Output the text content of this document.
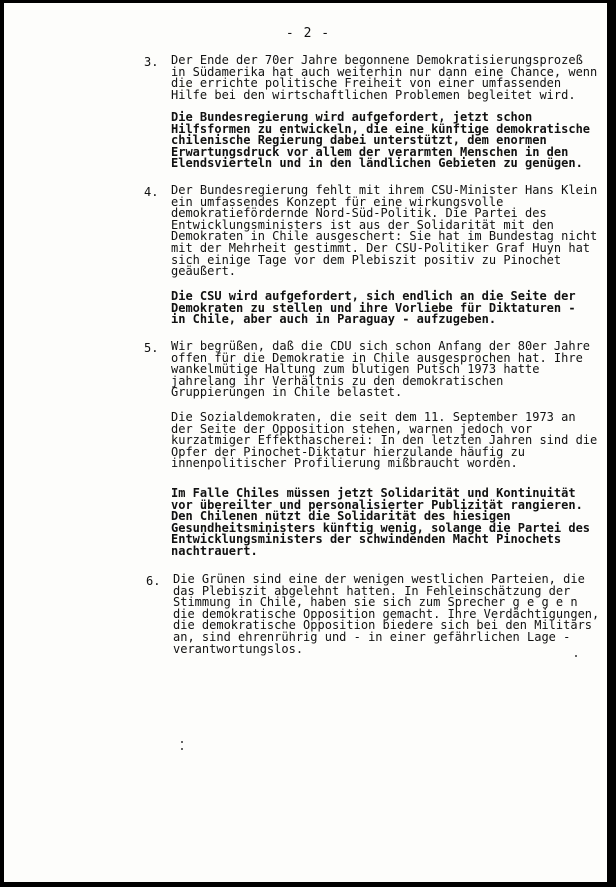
- 2 -
3. Der Ende der 70er Jahre begonnene Demokratisierungsprozeß
in Südamerika hat auch weiterhin nur dann eine Chance, wenn
die errichte politische Freiheit von einer umfassenden
Hilfe bei den wirtschaftlichen Problemen begleitet wird.
Die Bundesregierung wird aufgefordert, jetzt schon
Hilfsformen zu entwickeln, die eine künftige demokratische
chilenische Regierung dabei unterstützt, dem enormen
Erwartungsdruck vor allem der verarmten Menschen in den
Elendsvierteln und in den ländlichen Gebieten zu genügen.
4. Der Bundesregierung fehlt mit ihrem CSU-Minister Hans Klein
ein umfassendes Konzept für eine wirkungsvolle
demokratiefördernde Nord-Süd-Politik. Die Partei des
Entwicklungsministers ist aus der Solidarität mit den
Demokraten in Chile ausgeschert: Sie hat im Bundestag nicht
mit der Mehrheit gestimmt. Der CSU-Politiker Graf Huyn hat
sich einige Tage vor dem Plebiszit positiv zu Pinochet
geäußert.
Die CSU wird aufgefordert, sich endlich an die Seite der
Demokraten zu stellen und ihre Vorliebe für Diktaturen -
in Chile, aber auch in Paraguay - aufzugeben.
5. Wir begrüßen, daß die CDU sich schon Anfang der 80er Jahre
offen für die Demokratie in Chile ausgesprochen hat. Ihre
wankelmütige Haltung zum blutigen Putsch 1973 hatte
jahrelang ihr Verhältnis zu den demokratischen
Gruppierungen in Chile belastet.
Die Sozialdemokraten, die seit dem 11. September 1973 an
der Seite der Opposition stehen, warnen jedoch vor
kurzatmiger Effekthascherei: In den letzten Jahren sind die
Opfer der Pinochet-Diktatur hierzulande häufig zu
innenpolitischer Profilierung mißbraucht worden.
Im Falle Chiles müssen jetzt Solidarität und Kontinuität
vor übereilter und personalisierter Publizität rangieren.
Den Chilenen nützt die Solidarität des hiesigen
Gesundheitsministers künftig wenig, solange die Partei des
Entwicklungsministers der schwindenden Macht Pinochets
nachtrauert.
6. Die Grünen sind eine der wenigen westlichen Parteien, die
das Plebiszit abgelehnt hatten. In Fehleinschätzung der
Stimmung in Chile, haben sie sich zum Sprecher g e g e n
die demokratische Opposition gemacht. Ihre Verdächtigungen,
die demokratische Opposition biedere sich bei den Militärs
an, sind ehrenrührig und - in einer gefährlichen Lage -
verantwortungslos.
